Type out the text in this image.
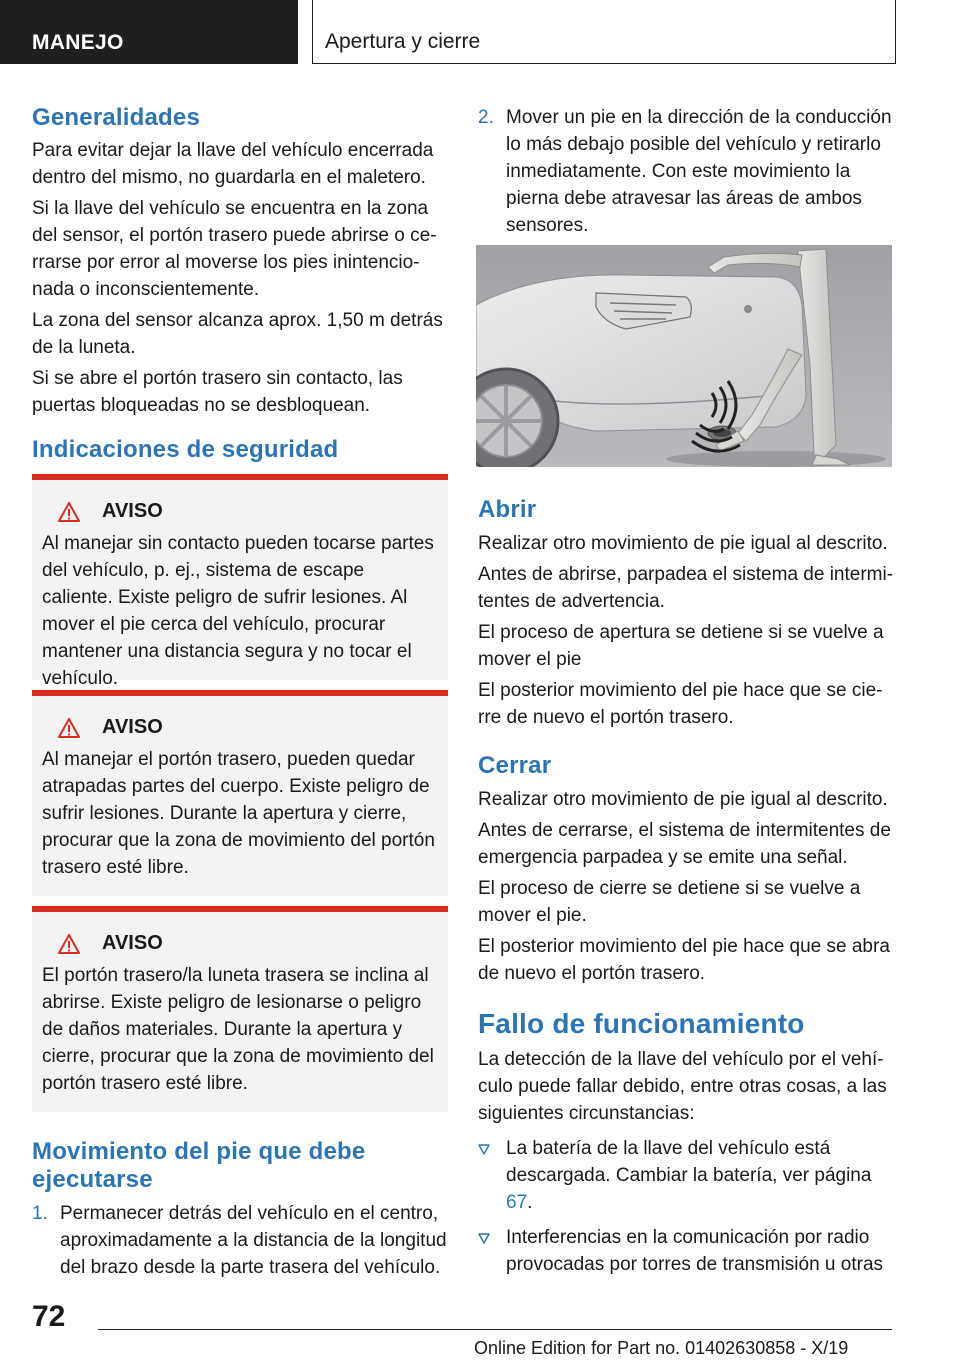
MANEJO	Apertura y cierre
Generalidades

Para evitar dejar la llave del vehículo encerrada dentro del mismo, no guardarla en el maletero.

Si la llave del vehículo se encuentra en la zona del sensor, el portón trasero puede abrirse o cerrarse por error al moverse los pies inintencionada o inconscientemente.

La zona del sensor alcanza aprox. 1,50 m detrás de la luneta.

Si se abre el portón trasero sin contacto, las puertas bloqueadas no se desbloquean.

Indicaciones de seguridad
AVISO

Al manejar sin contacto pueden tocarse partes del vehículo, p. ej., sistema de escape caliente. Existe peligro de sufrir lesiones. Al mover el pie cerca del vehículo, procurar mantener una distancia segura y no tocar el vehículo.

AVISO

Al manejar el portón trasero, pueden quedar atrapadas partes del cuerpo. Existe peligro de sufrir lesiones. Durante la apertura y cierre, procurar que la zona de movimiento del portón trasero esté libre.

AVISO

El portón trasero/la luneta trasera se inclina al abrirse. Existe peligro de lesionarse o peligro de daños materiales. Durante la apertura y cierre, procurar que la zona de movimiento del portón trasero esté libre.

Movimiento del pie que debe ejecutarse
1. Permanecer detrás del vehículo en el centro, aproximadamente a la distancia de la longitud del brazo desde la parte trasera del vehículo.
2. Mover un pie en la dirección de la conducción lo más debajo posible del vehículo y retirarlo inmediatamente. Con este movimiento la pierna debe atravesar las áreas de ambos sensores.
Abrir

Realizar otro movimiento de pie igual al descrito.

Antes de abrirse, parpadea el sistema de intermitentes de advertencia.

El proceso de apertura se detiene si se vuelve a mover el pie

El posterior movimiento del pie hace que se cierre de nuevo el portón trasero.

Cerrar

Realizar otro movimiento de pie igual al descrito.

Antes de cerrarse, el sistema de intermitentes de emergencia parpadea y se emite una señal.

El proceso de cierre se detiene si se vuelve a mover el pie.

El posterior movimiento del pie hace que se abra de nuevo el portón trasero.

Fallo de funcionamiento

La detección de la llave del vehículo por el vehículo puede fallar debido, entre otras cosas, a las siguientes circunstancias:

La batería de la llave del vehículo está descargada. Cambiar la batería, ver página 67.
Interferencias en la comunicación por radio provocadas por torres de transmisión u otras
72
Online Edition for Part no. 01402630858 - X/19
